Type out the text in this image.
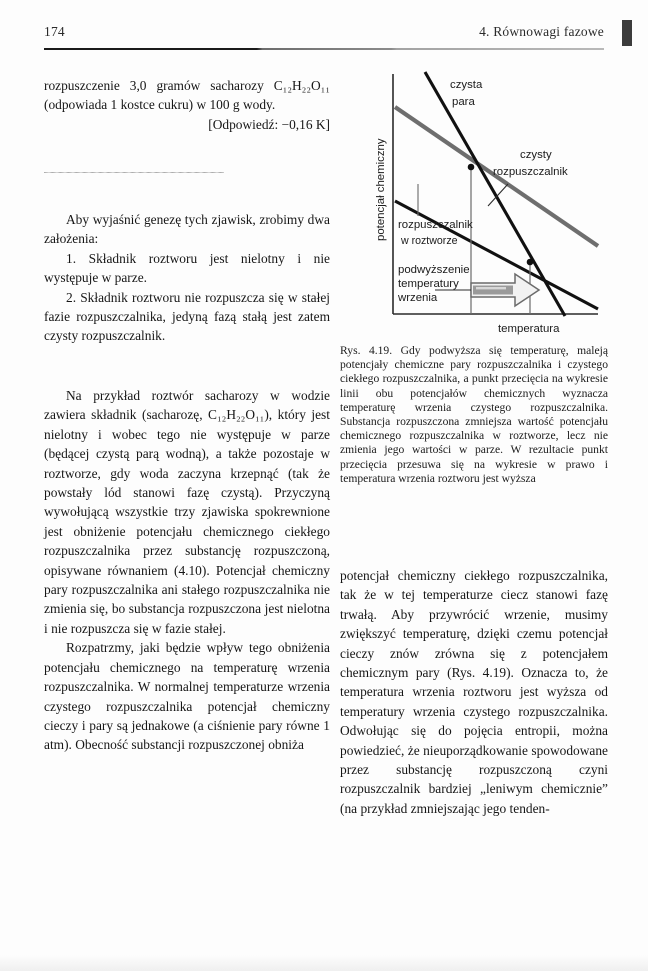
174	4. Równowagi fazowe

rozpuszczenie 3,0 gramów sacharozy C₁₂H₂₂O₁₁ (odpowiada 1 kostce cukru) w 100 g wody.

[Odpowiedź: −0,16 K]

Aby wyjaśnić genezę tych zjawisk, zrobimy dwa założenia:

1. Składnik roztworu jest nielotny i nie występuje w parze.

2. Składnik roztworu nie rozpuszcza się w stałej fazie rozpuszczalnika, jedyną fazą stałą jest zatem czysty rozpuszczalnik.

Na przykład roztwór sacharozy w wodzie zawiera składnik (sacharozę, C₁₂H₂₂O₁₁), który jest nielotny i wobec tego nie występuje w parze (będącej czystą parą wodną), a także pozostaje w roztworze, gdy woda zaczyna krzepnąć (tak że powstały lód stanowi fazę czystą). Przyczyną wywołującą wszystkie trzy zjawiska spokrewnione jest obniżenie potencjału chemicznego ciekłego rozpuszczalnika przez substancję rozpuszczoną, opisywane równaniem (4.10). Potencjał chemiczny pary rozpuszczalnika ani stałego rozpuszczalnika nie zmienia się, bo substancja rozpuszczona jest nielotna i nie rozpuszcza się w fazie stałej.

Rozpatrzmy, jaki będzie wpływ tego obniżenia potencjału chemicznego na temperaturę wrzenia rozpuszczalnika. W normalnej temperaturze wrzenia czystego rozpuszczalnika potencjał chemiczny cieczy i pary są jednakowe (a ciśnienie pary równe 1 atm). Obecność substancji rozpuszczonej obniża

potencjał chemiczny
temperatura
czysta
para
czysty
rozpuszczalnik
rozpuszczalnik
w roztworze
podwyższenie
temperatury
wrzenia

Rys. 4.19. Gdy podwyższa się temperaturę, maleją potencjały chemiczne pary rozpuszczalnika i czystego ciekłego rozpuszczalnika, a punkt przecięcia na wykresie linii obu potencjałów chemicznych wyznacza temperaturę wrzenia czystego rozpuszczalnika. Substancja rozpuszczona zmniejsza wartość potencjału chemicznego rozpuszczalnika w roztworze, lecz nie zmienia jego wartości w parze. W rezultacie punkt przecięcia przesuwa się na wykresie w prawo i temperatura wrzenia roztworu jest wyższa

potencjał chemiczny ciekłego rozpuszczalnika, tak że w tej temperaturze ciecz stanowi fazę trwałą. Aby przywrócić wrzenie, musimy zwiększyć temperaturę, dzięki czemu potencjał cieczy znów zrówna się z potencjałem chemicznym pary (Rys. 4.19). Oznacza to, że temperatura wrzenia roztworu jest wyższa od temperatury wrzenia czystego rozpuszczalnika. Odwołując się do pojęcia entropii, można powiedzieć, że nieuporządkowanie spowodowane przez substancję rozpuszczoną czyni rozpuszczalnik bardziej „leniwym chemicznie” (na przykład zmniejszając jego tenden-
